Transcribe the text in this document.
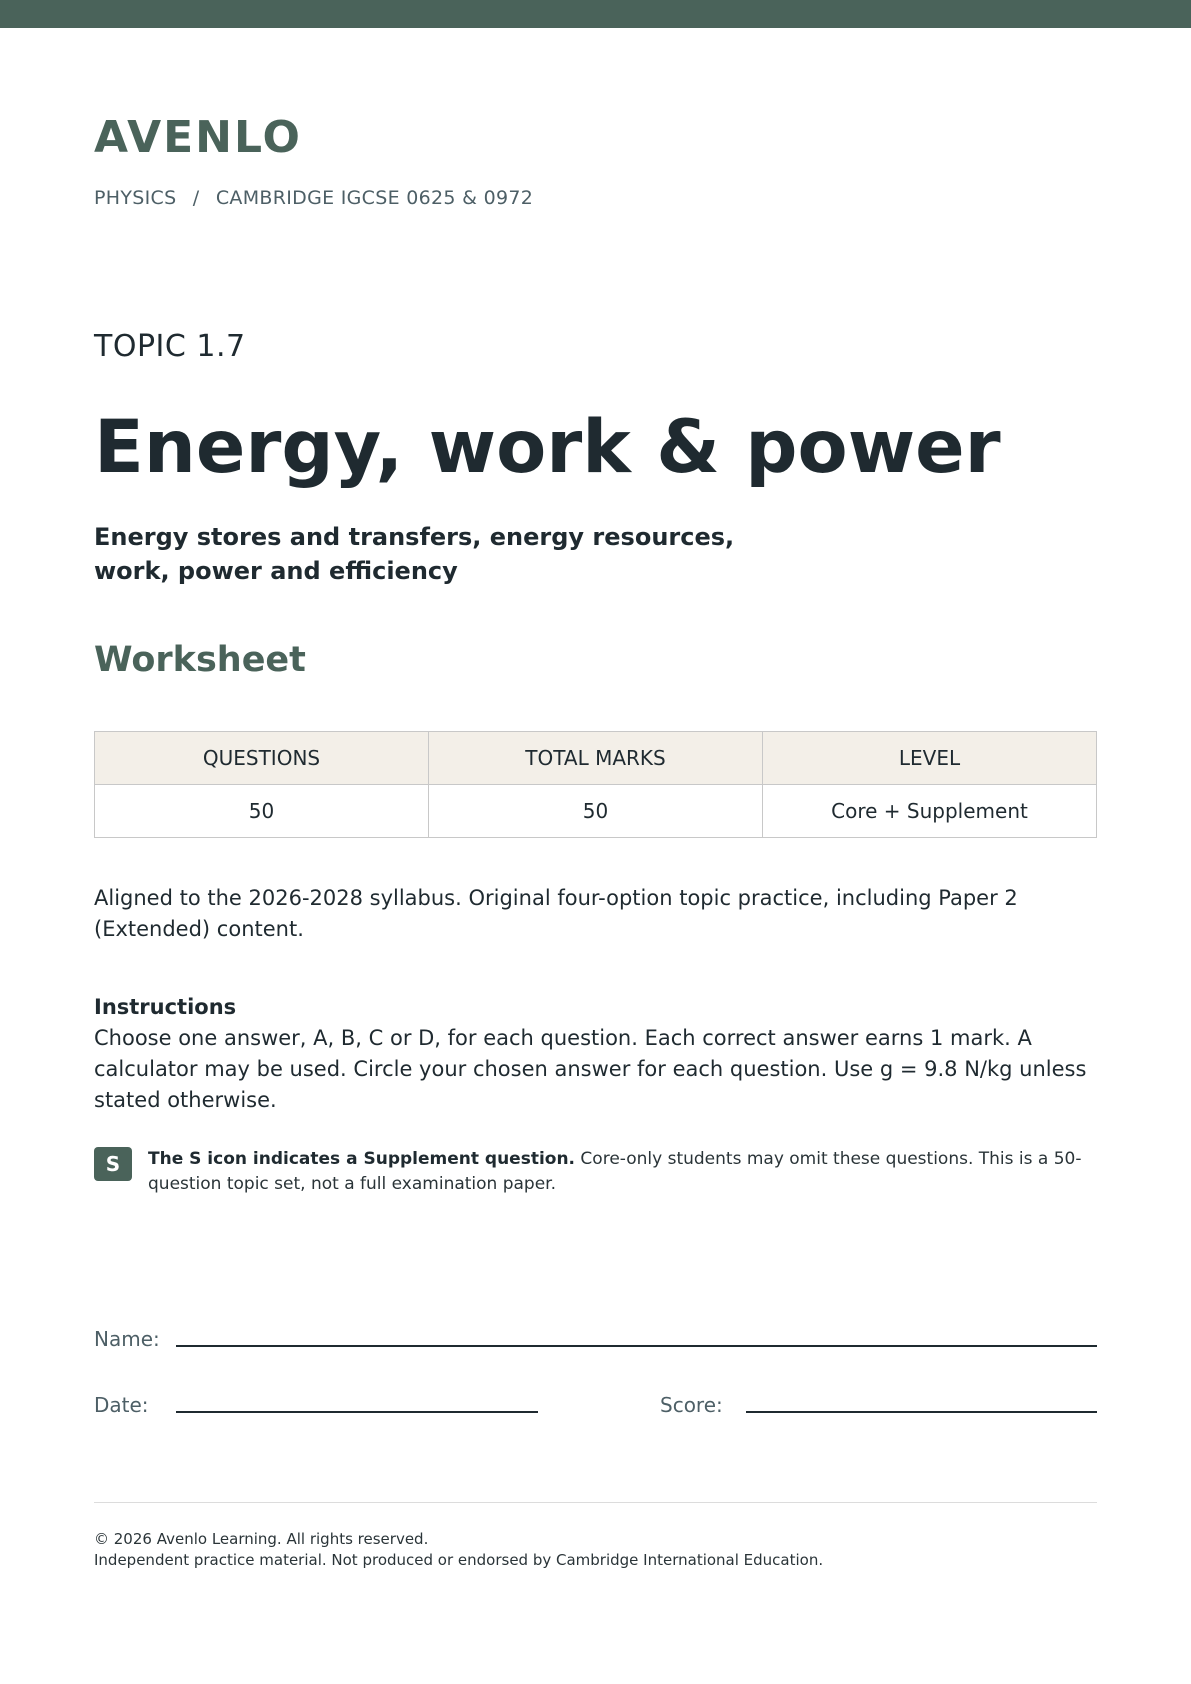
AVENLO
PHYSICS / CAMBRIDGE IGCSE 0625 & 0972
TOPIC 1.7
Energy, work & power
Energy stores and transfers, energy resources,
work, power and efficiency
Worksheet
QUESTIONS	TOTAL MARKS	LEVEL
50	50	Core + Supplement
Aligned to the 2026-2028 syllabus. Original four-option topic practice, including Paper 2 (Extended) content.
Instructions
Choose one answer, A, B, C or D, for each question. Each correct answer earns 1 mark. A calculator may be used. Circle your chosen answer for each question. Use g = 9.8 N/kg unless stated otherwise.
S	The S icon indicates a Supplement question. Core-only students may omit these questions. This is a 50-question topic set, not a full examination paper.
Name:
Date:	Score:
© 2026 Avenlo Learning. All rights reserved.
Independent practice material. Not produced or endorsed by Cambridge International Education.
